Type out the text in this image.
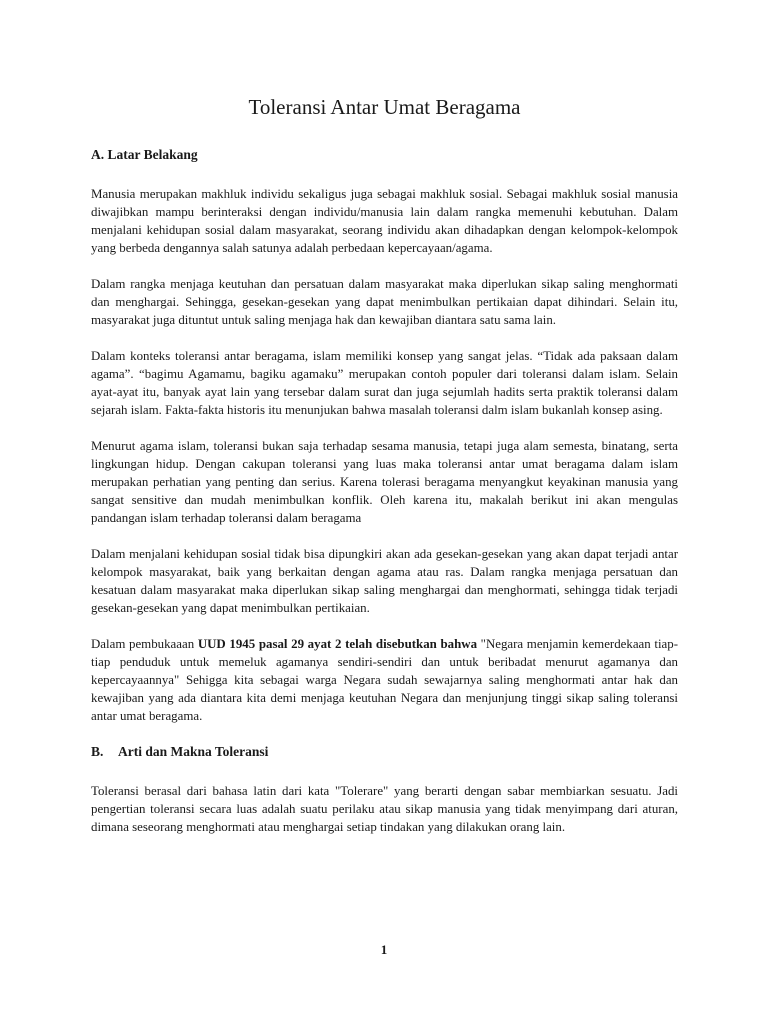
Toleransi Antar Umat Beragama
A. Latar Belakang

Manusia merupakan makhluk individu sekaligus juga sebagai makhluk sosial. Sebagai makhluk sosial manusia diwajibkan mampu berinteraksi dengan individu/manusia lain dalam rangka memenuhi kebutuhan. Dalam menjalani kehidupan sosial dalam masyarakat, seorang individu akan dihadapkan dengan kelompok-kelompok yang berbeda dengannya salah satunya adalah perbedaan kepercayaan/agama.

Dalam rangka menjaga keutuhan dan persatuan dalam masyarakat maka diperlukan sikap saling menghormati dan menghargai. Sehingga, gesekan-gesekan yang dapat menimbulkan pertikaian dapat dihindari. Selain itu, masyarakat juga dituntut untuk saling menjaga hak dan kewajiban diantara satu sama lain.

Dalam konteks toleransi antar beragama, islam memiliki konsep yang sangat jelas. “Tidak ada paksaan dalam agama”. “bagimu Agamamu, bagiku agamaku” merupakan contoh populer dari toleransi dalam islam. Selain ayat-ayat itu, banyak ayat lain yang tersebar dalam surat dan juga sejumlah hadits serta praktik toleransi dalam sejarah islam. Fakta-fakta historis itu menunjukan bahwa masalah toleransi dalm islam bukanlah konsep asing.

Menurut agama islam, toleransi bukan saja terhadap sesama manusia, tetapi juga alam semesta, binatang, serta lingkungan hidup. Dengan cakupan toleransi yang luas maka toleransi antar umat beragama dalam islam merupakan perhatian yang penting dan serius. Karena tolerasi beragama menyangkut keyakinan manusia yang sangat sensitive dan mudah menimbulkan konflik. Oleh karena itu, makalah berikut ini akan mengulas pandangan islam terhadap toleransi dalam beragama

Dalam menjalani kehidupan sosial tidak bisa dipungkiri akan ada gesekan-gesekan yang akan dapat terjadi antar kelompok masyarakat, baik yang berkaitan dengan agama atau ras. Dalam rangka menjaga persatuan dan kesatuan dalam masyarakat maka diperlukan sikap saling menghargai dan menghormati, sehingga tidak terjadi gesekan-gesekan yang dapat menimbulkan pertikaian.

Dalam pembukaaan UUD 1945 pasal 29 ayat 2 telah disebutkan bahwa "Negara menjamin kemerdekaan tiap-tiap penduduk untuk memeluk agamanya sendiri-sendiri dan untuk beribadat menurut agamanya dan kepercayaannya" Sehigga kita sebagai warga Negara sudah sewajarnya saling menghormati antar hak dan kewajiban yang ada diantara kita demi menjaga keutuhan Negara dan menjunjung tinggi sikap saling toleransi antar umat beragama.

B. Arti dan Makna Toleransi

Toleransi berasal dari bahasa latin dari kata "Tolerare" yang berarti dengan sabar membiarkan sesuatu. Jadi pengertian toleransi secara luas adalah suatu perilaku atau sikap manusia yang tidak menyimpang dari aturan, dimana seseorang menghormati atau menghargai setiap tindakan yang dilakukan orang lain.

1
